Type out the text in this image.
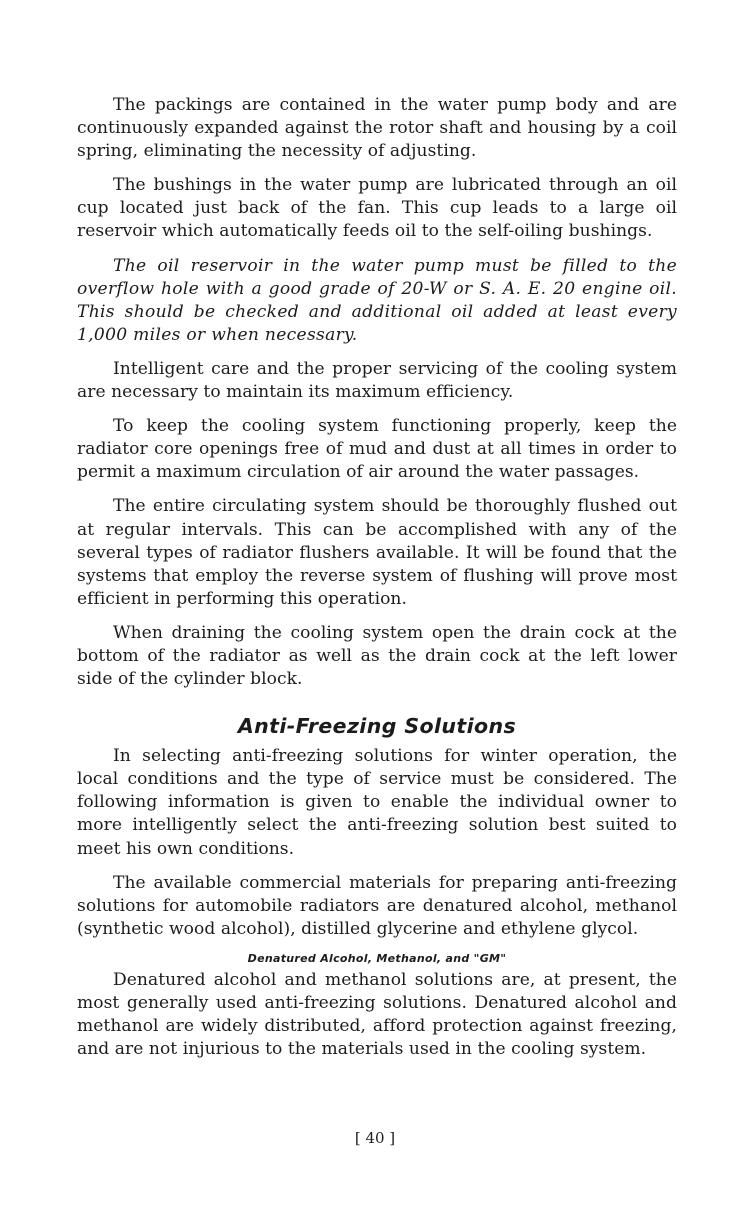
The packings are contained in the water pump body and are continuously expanded against the rotor shaft and housing by a coil spring, eliminating the necessity of adjusting.

The bushings in the water pump are lubricated through an oil cup located just back of the fan. This cup leads to a large oil reservoir which automatically feeds oil to the self-oiling bushings.

The oil reservoir in the water pump must be filled to the overflow hole with a good grade of 20-W or S. A. E. 20 engine oil. This should be checked and additional oil added at least every 1,000 miles or when necessary.

Intelligent care and the proper servicing of the cooling system are necessary to maintain its maximum efficiency.

To keep the cooling system functioning properly, keep the radiator core openings free of mud and dust at all times in order to permit a maximum circulation of air around the water passages.

The entire circulating system should be thoroughly flushed out at regular intervals. This can be accomplished with any of the several types of radiator flushers available. It will be found that the systems that employ the reverse system of flushing will prove most efficient in performing this operation.

When draining the cooling system open the drain cock at the bottom of the radiator as well as the drain cock at the left lower side of the cylinder block.

Anti-Freezing Solutions

In selecting anti-freezing solutions for winter operation, the local conditions and the type of service must be considered. The following information is given to enable the individual owner to more intelligently select the anti-freezing solution best suited to meet his own conditions.

The available commercial materials for preparing anti-freezing solutions for automobile radiators are denatured alcohol, methanol (synthetic wood alcohol), distilled glycerine and ethylene glycol.

Denatured Alcohol, Methanol, and "GM"

Denatured alcohol and methanol solutions are, at present, the most generally used anti-freezing solutions. Denatured alcohol and methanol are widely distributed, afford protection against freezing, and are not injurious to the materials used in the cooling system.

[ 40 ]
